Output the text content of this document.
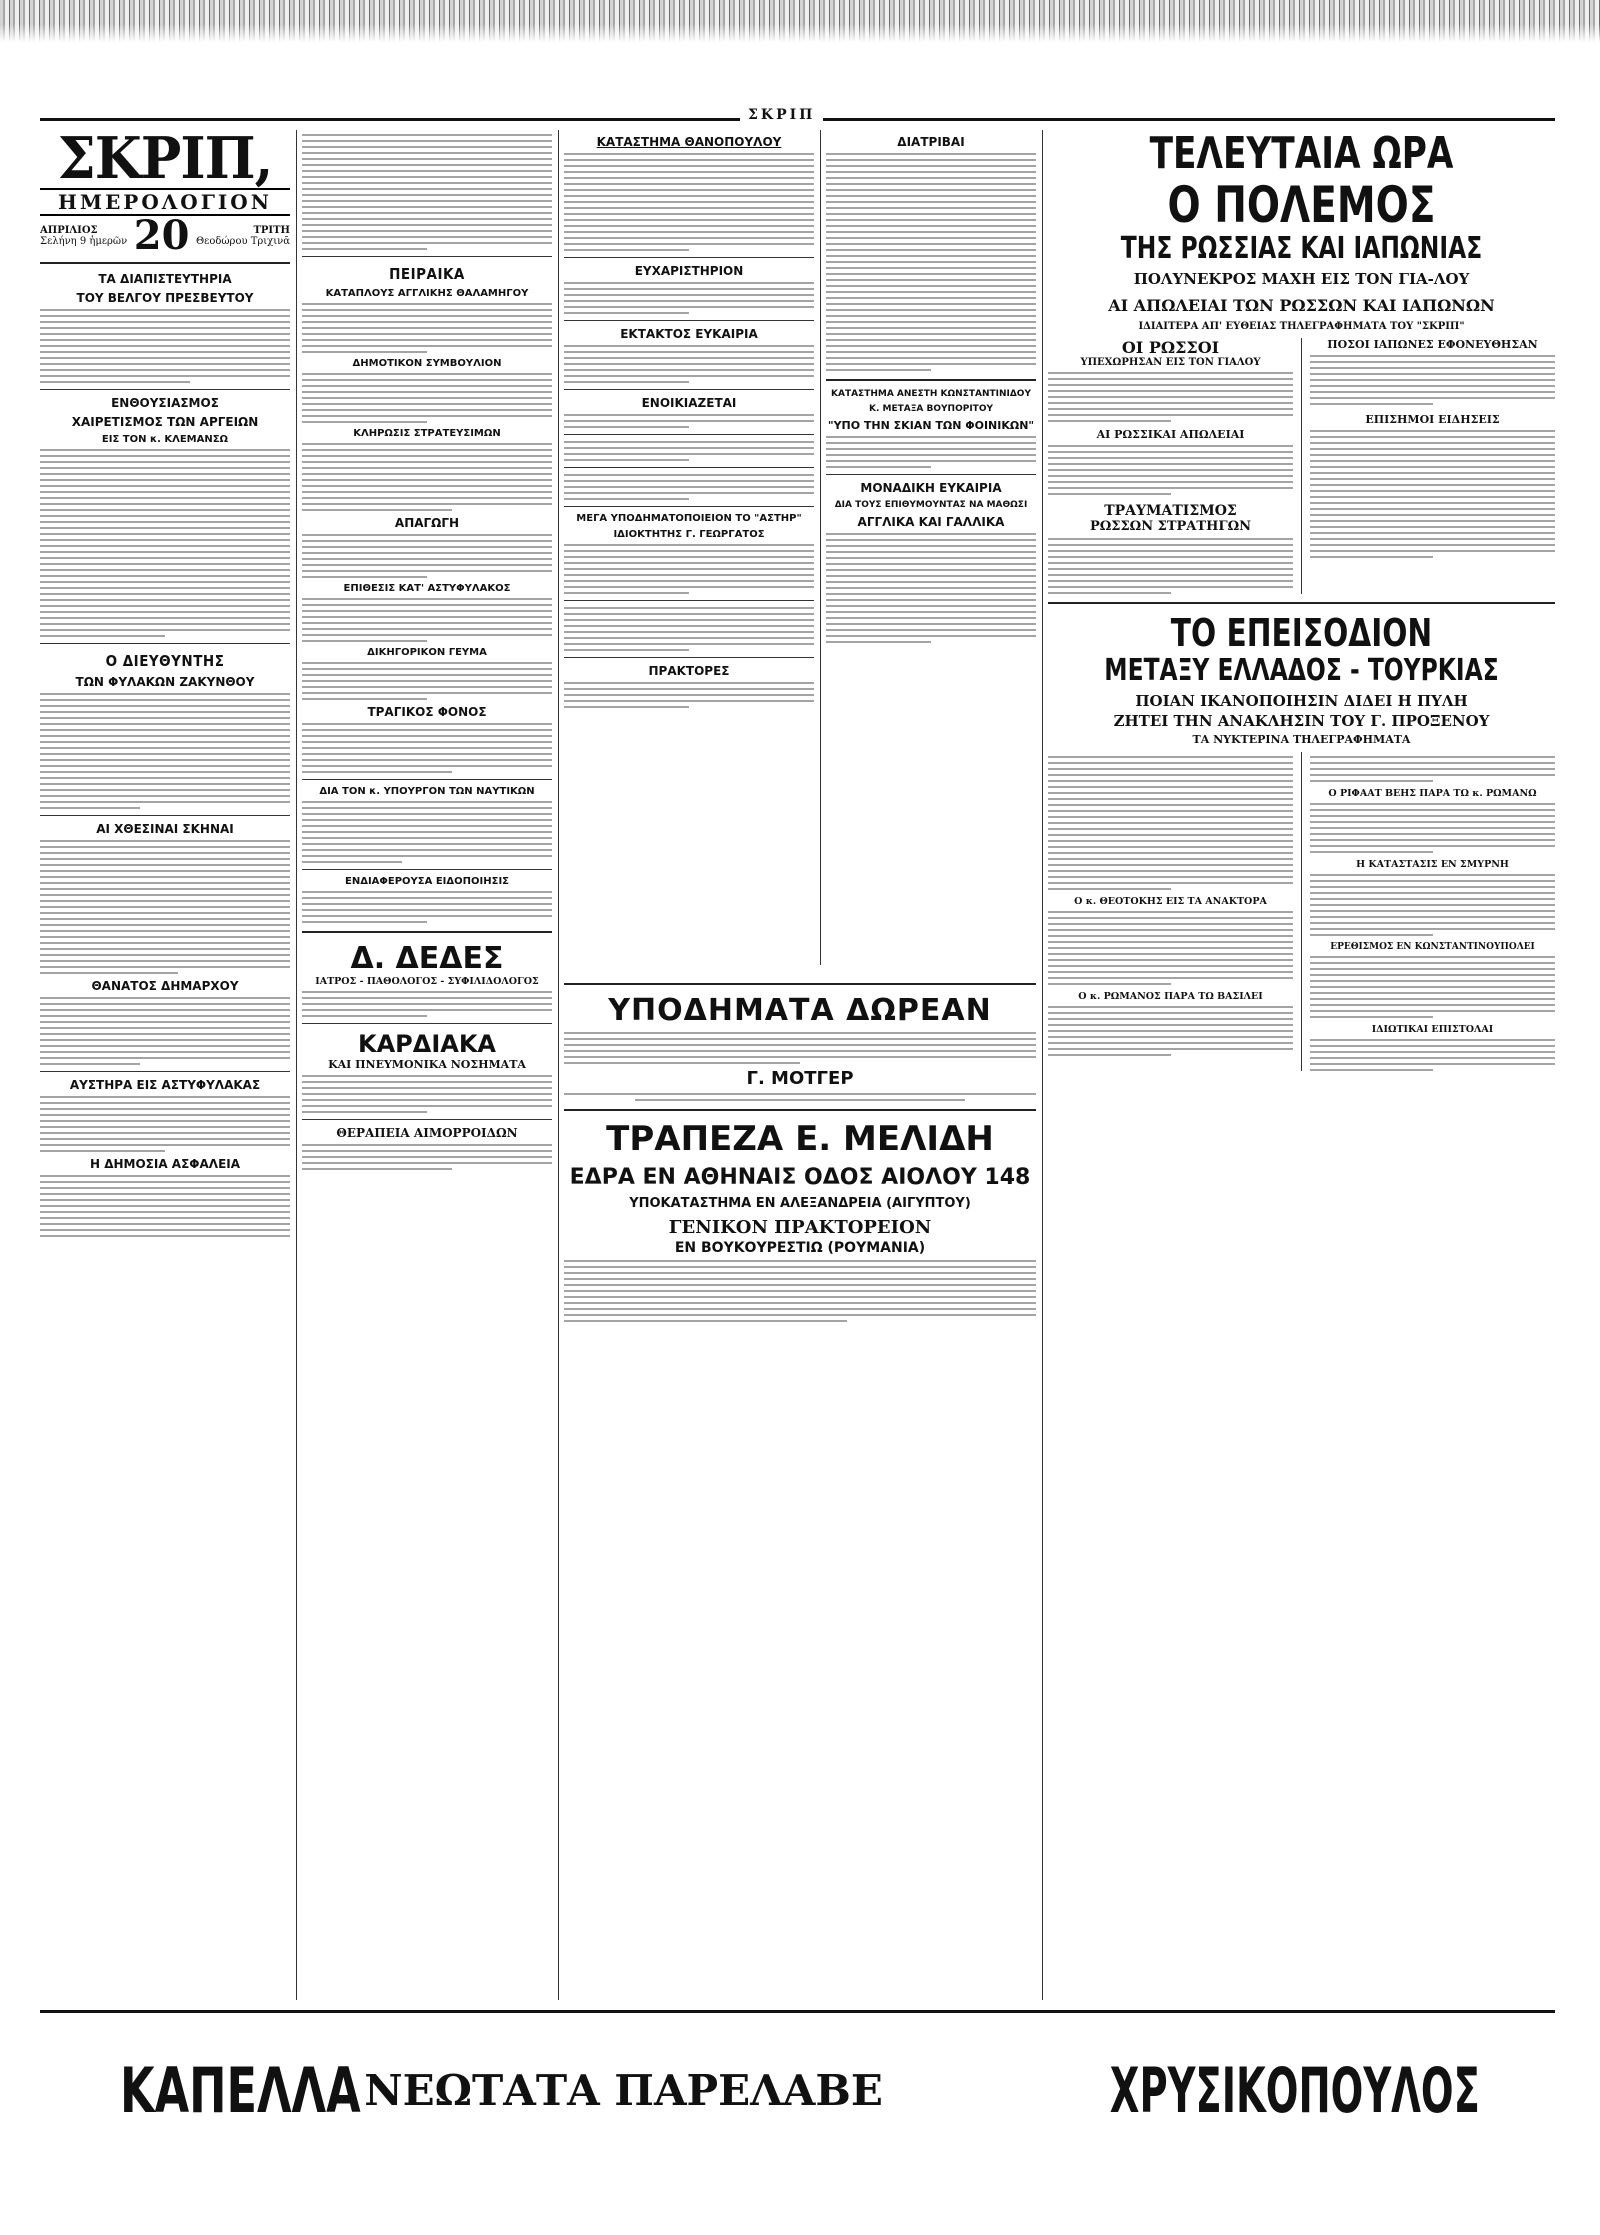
ΣΚΡΙΠ
ΣΚΡΙΠ,
ΗΜΕΡΟΛΟΓΙΟΝ
ΑΠΡΙΛΙΟΣ
Σελήνη 9 ἡμερῶν 20	ΤΡΙΤΗ
Θεοδώρου Τριχινᾶ
ΤΑ ΔΙΑΠΙΣΤΕΥΤΗΡΙΑ
ΤΟΥ ΒΕΛΓΟΥ ΠΡΕΣΒΕΥΤΟΥ
ΕΝΘΟΥΣΙΑΣΜΟΣ
ΧΑΙΡΕΤΙΣΜΟΣ ΤΩΝ ΑΡΓΕΙΩΝ
ΕΙΣ ΤΟΝ κ. ΚΛΕΜΑΝΣΩ
Ο ΔΙΕΥΘΥΝΤΗΣ
ΤΩΝ ΦΥΛΑΚΩΝ ΖΑΚΥΝΘΟΥ
ΑΙ ΧΘΕΣΙΝΑΙ ΣΚΗΝΑΙ
ΘΑΝΑΤΟΣ ΔΗΜΑΡΧΟΥ
ΑΥΣΤΗΡΑ ΕΙΣ ΑΣΤΥΦΥΛΑΚΑΣ
Η ΔΗΜΟΣΙΑ ΑΣΦΑΛΕΙΑ
ΠΕΙΡΑΙΚΑ
ΚΑΤΑΠΛΟΥΣ ΑΓΓΛΙΚΗΣ ΘΑΛΑΜΗΓΟΥ
ΔΗΜΟΤΙΚΟΝ ΣΥΜΒΟΥΛΙΟΝ
ΚΛΗΡΩΣΙΣ ΣΤΡΑΤΕΥΣΙΜΩΝ
ΑΠΑΓΩΓΗ
ΕΠΙΘΕΣΙΣ ΚΑΤ' ΑΣΤΥΦΥΛΑΚΟΣ
ΔΙΚΗΓΟΡΙΚΟΝ ΓΕΥΜΑ
ΤΡΑΓΙΚΟΣ ΦΟΝΟΣ
ΔΙΑ ΤΟΝ κ. ΥΠΟΥΡΓΟΝ ΤΩΝ ΝΑΥΤΙΚΩΝ
ΕΝΔΙΑΦΕΡΟΥΣΑ ΕΙΔΟΠΟΙΗΣΙΣ
Δ. ΔΕΔΕΣ
ΙΑΤΡΟΣ - ΠΑΘΟΛΟΓΟΣ - ΣΥΦΙΛΙΔΟΛΟΓΟΣ
ΚΑΡΔΙΑΚΑ
ΚΑΙ ΠΝΕΥΜΟΝΙΚΑ ΝΟΣΗΜΑΤΑ
ΘΕΡΑΠΕΙΑ ΑΙΜΟΡΡΟΙΔΩΝ
ΚΑΤΑΣΤΗΜΑ ΘΑΝΟΠΟΥΛΟΥ
ΕΥΧΑΡΙΣΤΗΡΙΟΝ
ΕΚΤΑΚΤΟΣ ΕΥΚΑΙΡΙΑ
ΕΝΟΙΚΙΑΖΕΤΑΙ
ΜΕΓΑ ΥΠΟΔΗΜΑΤΟΠΟΙΕΙΟΝ ΤΟ "ΑΣΤΗΡ"
ΙΔΙΟΚΤΗΤΗΣ Γ. ΓΕΩΡΓΑΤΟΣ
ΠΡΑΚΤΟΡΕΣ
ΔΙΑΤΡΙΒΑΙ
ΚΑΤΑΣΤΗΜΑ ΑΝΕΣΤΗ ΚΩΝΣΤΑΝΤΙΝΙΔΟΥ
Κ. ΜΕΤΑΞΑ ΒΟΥΠΟΡΙΤΟΥ
"ΥΠΟ ΤΗΝ ΣΚΙΑΝ ΤΩΝ ΦΟΙΝΙΚΩΝ"
ΜΟΝΑΔΙΚΗ ΕΥΚΑΙΡΙΑ
ΔΙΑ ΤΟΥΣ ΕΠΙΘΥΜΟΥΝΤΑΣ ΝΑ ΜΑΘΩΣΙ
ΑΓΓΛΙΚΑ ΚΑΙ ΓΑΛΛΙΚΑ
ΥΠΟΔΗΜΑΤΑ ΔΩΡΕΑΝ
Γ. ΜΟΤΓΕΡ
ΤΡΑΠΕΖΑ Ε. ΜΕΛΙΔΗ
ΕΔΡΑ ΕΝ ΑΘΗΝΑΙΣ ΟΔΟΣ ΑΙΟΛΟΥ 148
ΥΠΟΚΑΤΑΣΤΗΜΑ ΕΝ ΑΛΕΞΑΝΔΡΕΙΑ (ΑΙΓΥΠΤΟΥ)
ΓΕΝΙΚΟΝ ΠΡΑΚΤΟΡΕΙΟΝ
ΕΝ ΒΟΥΚΟΥΡΕΣΤΙΩ (ΡΟΥΜΑΝΙΑ)
ΤΕΛΕΥΤΑΙΑ ΩΡΑ
Ο ΠΟΛΕΜΟΣ
ΤΗΣ ΡΩΣΣΙΑΣ ΚΑΙ ΙΑΠΩΝΙΑΣ
ΠΟΛΥΝΕΚΡΟΣ ΜΑΧΗ ΕΙΣ ΤΟΝ ΓΙΑ-ΛΟΥ
ΑΙ ΑΠΩΛΕΙΑΙ ΤΩΝ ΡΩΣΣΩΝ ΚΑΙ ΙΑΠΩΝΩΝ
ΙΔΙΑΙΤΕΡΑ ΑΠ' ΕΥΘΕΙΑΣ ΤΗΛΕΓΡΑΦΗΜΑΤΑ ΤΟΥ "ΣΚΡΙΠ"
ΟΙ ΡΩΣΣΟΙ
ΥΠΕΧΩΡΗΣΑΝ ΕΙΣ ΤΟΝ ΓΙΑΛΟΥ
ΑΙ ΡΩΣΣΙΚΑΙ ΑΠΩΛΕΙΑΙ
ΤΡΑΥΜΑΤΙΣΜΟΣ
ΡΩΣΣΩΝ ΣΤΡΑΤΗΓΩΝ
ΠΟΣΟΙ ΙΑΠΩΝΕΣ ΕΦΟΝΕΥΘΗΣΑΝ
ΕΠΙΣΗΜΟΙ ΕΙΔΗΣΕΙΣ
ΤΟ ΕΠΕΙΣΟΔΙΟΝ
ΜΕΤΑΞΥ ΕΛΛΑΔΟΣ - ΤΟΥΡΚΙΑΣ
ΠΟΙΑΝ ΙΚΑΝΟΠΟΙΗΣΙΝ ΔΙΔΕΙ Η ΠΥΛΗ
ΖΗΤΕΙ ΤΗΝ ΑΝΑΚΛΗΣΙΝ ΤΟΥ Γ. ΠΡΟΞΕΝΟΥ
ΤΑ ΝΥΚΤΕΡΙΝΑ ΤΗΛΕΓΡΑΦΗΜΑΤΑ
Ο κ. ΘΕΟΤΟΚΗΣ ΕΙΣ ΤΑ ΑΝΑΚΤΟΡΑ
Ο κ. ΡΩΜΑΝΟΣ ΠΑΡΑ ΤΩ ΒΑΣΙΛΕΙ
Ο ΡΙΦΑΑΤ ΒΕΗΣ ΠΑΡΑ ΤΩ κ. ΡΩΜΑΝΩ
Η ΚΑΤΑΣΤΑΣΙΣ ΕΝ ΣΜΥΡΝΗ
ΕΡΕΘΙΣΜΟΣ ΕΝ ΚΩΝΣΤΑΝΤΙΝΟΥΠΟΛΕΙ
ΙΔΙΩΤΙΚΑΙ ΕΠΙΣΤΟΛΑΙ
ΚΑΠΕΛΛΑ ΝΕΩΤΑΤΑ ΠΑΡΕΛΑΒΕ	ΧΡΥΣΙΚΟΠΟΥΛΟΣ
